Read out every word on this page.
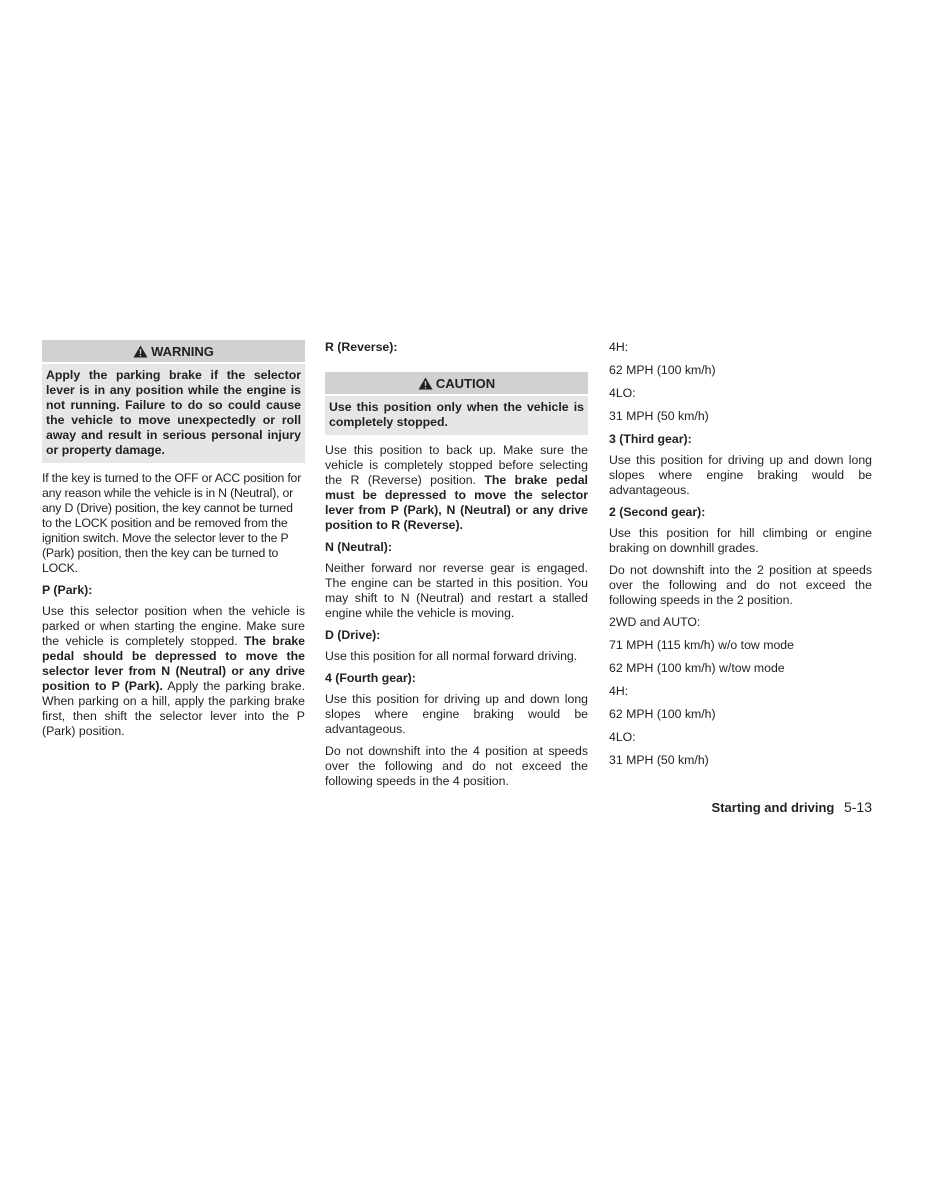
WARNING
Apply the parking brake if the selector lever is in any position while the engine is not running. Failure to do so could cause the vehicle to move unexpectedly or roll away and result in serious personal injury or property damage.

If the key is turned to the OFF or ACC position for any reason while the vehicle is in N (Neutral), or any D (Drive) position, the key cannot be turned to the LOCK position and be removed from the ignition switch. Move the selector lever to the P (Park) position, then the key can be turned to LOCK.

P (Park):

Use this selector position when the vehicle is parked or when starting the engine. Make sure the vehicle is completely stopped. The brake pedal should be depressed to move the selector lever from N (Neutral) or any drive position to P (Park). Apply the parking brake. When parking on a hill, apply the parking brake first, then shift the selector lever into the P (Park) position.

R (Reverse):
CAUTION
Use this position only when the vehicle is completely stopped.

Use this position to back up. Make sure the vehicle is completely stopped before selecting the R (Reverse) position. The brake pedal must be depressed to move the selector lever from P (Park), N (Neutral) or any drive position to R (Reverse).

N (Neutral):

Neither forward nor reverse gear is engaged. The engine can be started in this position. You may shift to N (Neutral) and restart a stalled engine while the vehicle is moving.

D (Drive):

Use this position for all normal forward driving.

4 (Fourth gear):

Use this position for driving up and down long slopes where engine braking would be advantageous.

Do not downshift into the 4 position at speeds over the following and do not exceed the following speeds in the 4 position.

4H:
62 MPH (100 km/h)
4LO:
31 MPH (50 km/h)
3 (Third gear):

Use this position for driving up and down long slopes where engine braking would be advantageous.

2 (Second gear):

Use this position for hill climbing or engine braking on downhill grades.

Do not downshift into the 2 position at speeds over the following and do not exceed the following speeds in the 2 position.

2WD and AUTO:
71 MPH (115 km/h) w/o tow mode
62 MPH (100 km/h) w/tow mode
4H:
62 MPH (100 km/h)
4LO:
31 MPH (50 km/h)
Starting and driving 5-13
